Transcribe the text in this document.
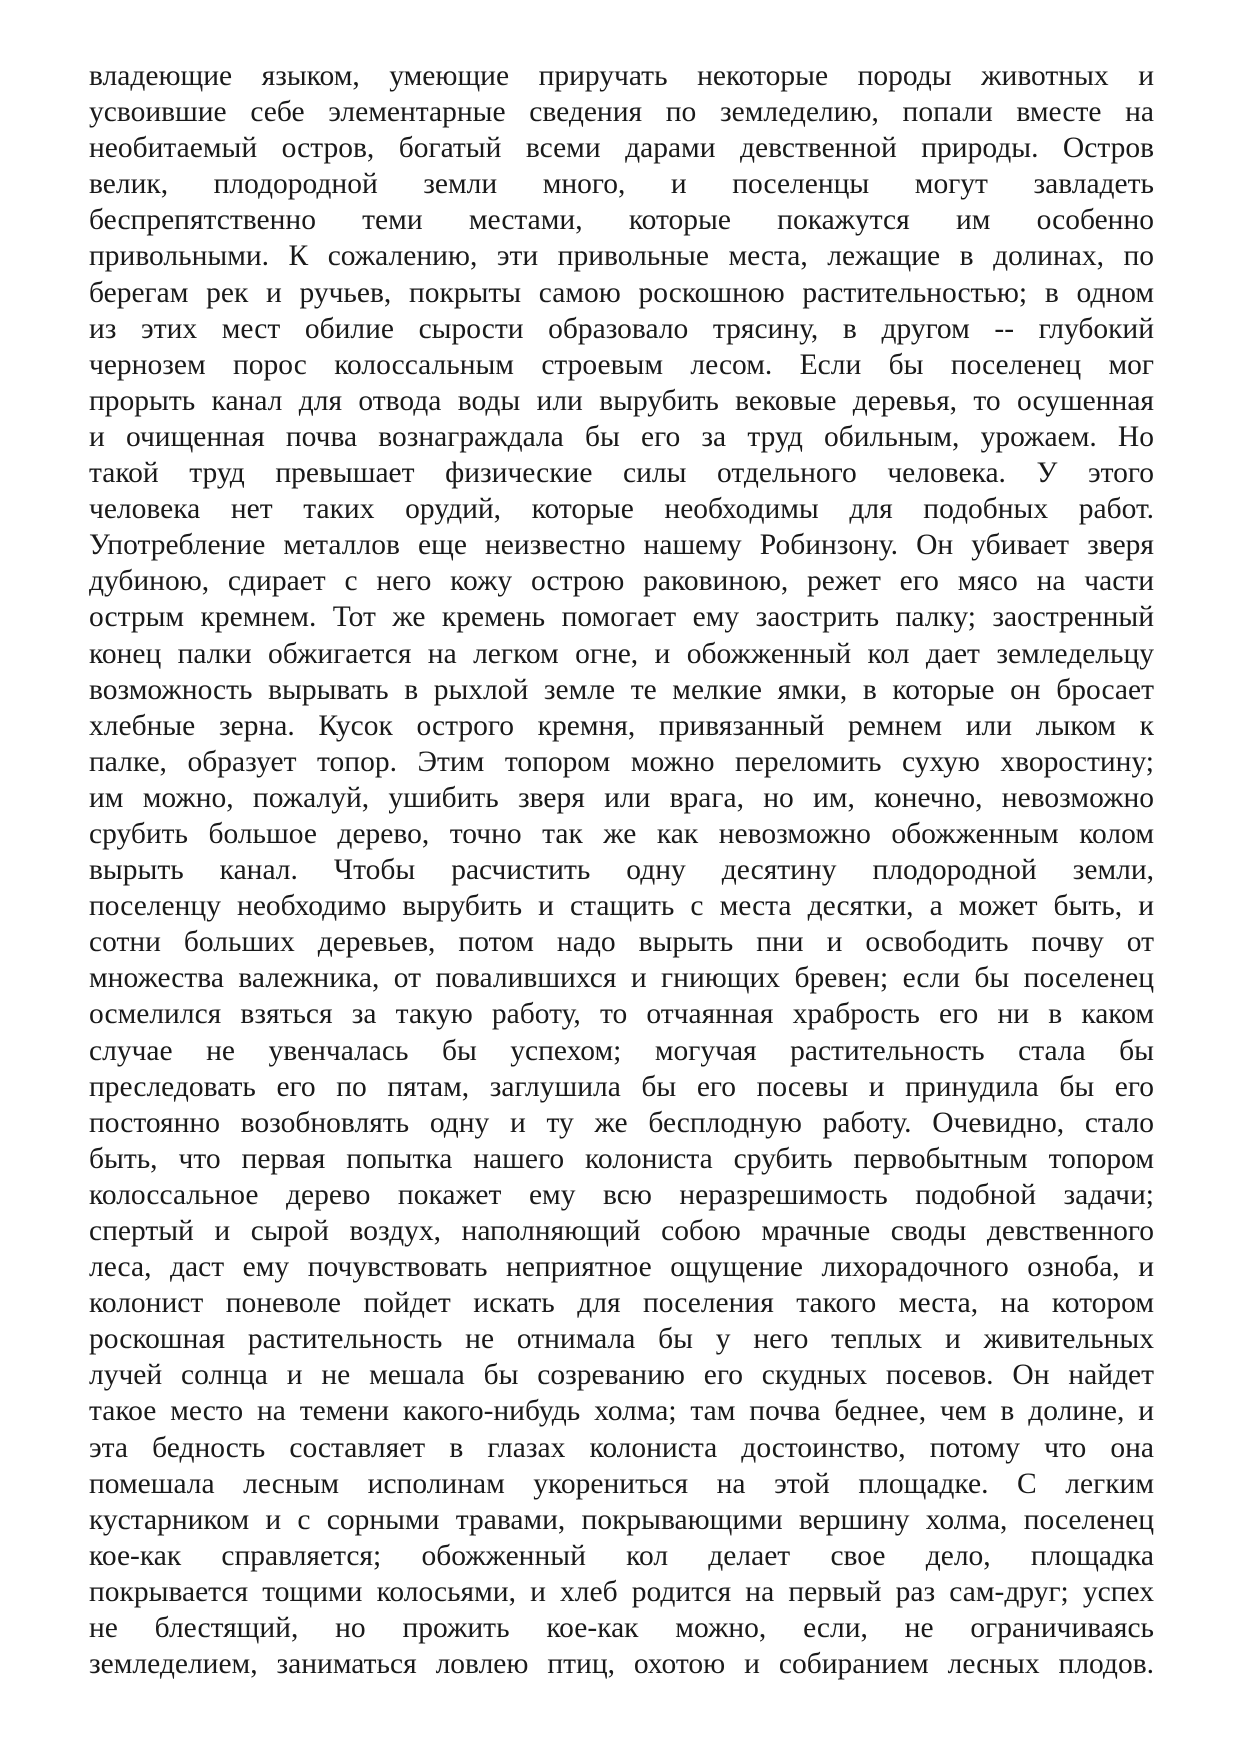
владеющие языком, умеющие приручать некоторые породы животных и
усвоившие себе элементарные сведения по земледелию, попали вместе на
необитаемый остров, богатый всеми дарами девственной природы. Остров
велик, плодородной земли много, и поселенцы могут завладеть
беспрепятственно теми местами, которые покажутся им особенно
привольными. К сожалению, эти привольные места, лежащие в долинах, по
берегам рек и ручьев, покрыты самою роскошною растительностью; в одном
из этих мест обилие сырости образовало трясину, в другом -- глубокий
чернозем порос колоссальным строевым лесом. Если бы поселенец мог
прорыть канал для отвода воды или вырубить вековые деревья, то осушенная
и очищенная почва вознаграждала бы его за труд обильным, урожаем. Но
такой труд превышает физические силы отдельного человека. У этого
человека нет таких орудий, которые необходимы для подобных работ.
Употребление металлов еще неизвестно нашему Робинзону. Он убивает зверя
дубиною, сдирает с него кожу острою раковиною, режет его мясо на части
острым кремнем. Тот же кремень помогает ему заострить палку; заостренный
конец палки обжигается на легком огне, и обожженный кол дает земледельцу
возможность вырывать в рыхлой земле те мелкие ямки, в которые он бросает
хлебные зерна. Кусок острого кремня, привязанный ремнем или лыком к
палке, образует топор. Этим топором можно переломить сухую хворостину;
им можно, пожалуй, ушибить зверя или врага, но им, конечно, невозможно
срубить большое дерево, точно так же как невозможно обожженным колом
вырыть канал. Чтобы расчистить одну десятину плодородной земли,
поселенцу необходимо вырубить и стащить с места десятки, а может быть, и
сотни больших деревьев, потом надо вырыть пни и освободить почву от
множества валежника, от повалившихся и гниющих бревен; если бы поселенец
осмелился взяться за такую работу, то отчаянная храбрость его ни в каком
случае не увенчалась бы успехом; могучая растительность стала бы
преследовать его по пятам, заглушила бы его посевы и принудила бы его
постоянно возобновлять одну и ту же бесплодную работу. Очевидно, стало
быть, что первая попытка нашего колониста срубить первобытным топором
колоссальное дерево покажет ему всю неразрешимость подобной задачи;
спертый и сырой воздух, наполняющий собою мрачные своды девственного
леса, даст ему почувствовать неприятное ощущение лихорадочного озноба, и
колонист поневоле пойдет искать для поселения такого места, на котором
роскошная растительность не отнимала бы у него теплых и живительных
лучей солнца и не мешала бы созреванию его скудных посевов. Он найдет
такое место на темени какого-нибудь холма; там почва беднее, чем в долине, и
эта бедность составляет в глазах колониста достоинство, потому что она
помешала лесным исполинам укорениться на этой площадке. С легким
кустарником и с сорными травами, покрывающими вершину холма, поселенец
кое-как справляется; обожженный кол делает свое дело, площадка
покрывается тощими колосьями, и хлеб родится на первый раз сам-друг; успех
не блестящий, но прожить кое-как можно, если, не ограничиваясь
земледелием, заниматься ловлею птиц, охотою и собиранием лесных плодов.
